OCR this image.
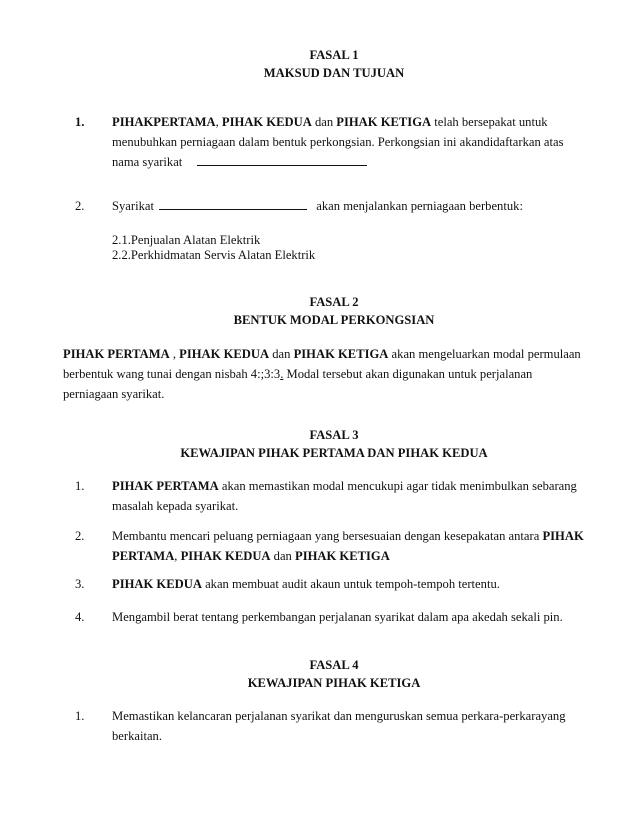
FASAL 1
MAKSUD DAN TUJUAN
1. PIHAKPERTAMA, PIHAK KEDUA dan PIHAK KETIGA telah bersepakat untuk
menubuhkan perniagaan dalam bentuk perkongsian. Perkongsian ini akandidaftarkan atas
nama syarikat
2. Syarikat	akan menjalankan perniagaan berbentuk:
2.1.Penjualan Alatan Elektrik
2.2.Perkhidmatan Servis Alatan Elektrik
FASAL 2
BENTUK MODAL PERKONGSIAN
PIHAK PERTAMA , PIHAK KEDUA dan PIHAK KETIGA akan mengeluarkan modal permulaan
berbentuk wang tunai dengan nisbah 4:;3:3. Modal tersebut akan digunakan untuk perjalanan
perniagaan syarikat.
FASAL 3
KEWAJIPAN PIHAK PERTAMA DAN PIHAK KEDUA
1. PIHAK PERTAMA akan memastikan modal mencukupi agar tidak menimbulkan sebarang
masalah kepada syarikat.
2. Membantu mencari peluang perniagaan yang bersesuaian dengan kesepakatan antara PIHAK
PERTAMA, PIHAK KEDUA dan PIHAK KETIGA
3. PIHAK KEDUA akan membuat audit akaun untuk tempoh-tempoh tertentu.
4. Mengambil berat tentang perkembangan perjalanan syarikat dalam apa akedah sekali pin.
FASAL 4
KEWAJIPAN PIHAK KETIGA
1. Memastikan kelancaran perjalanan syarikat dan menguruskan semua perkara-perkarayang
berkaitan.
